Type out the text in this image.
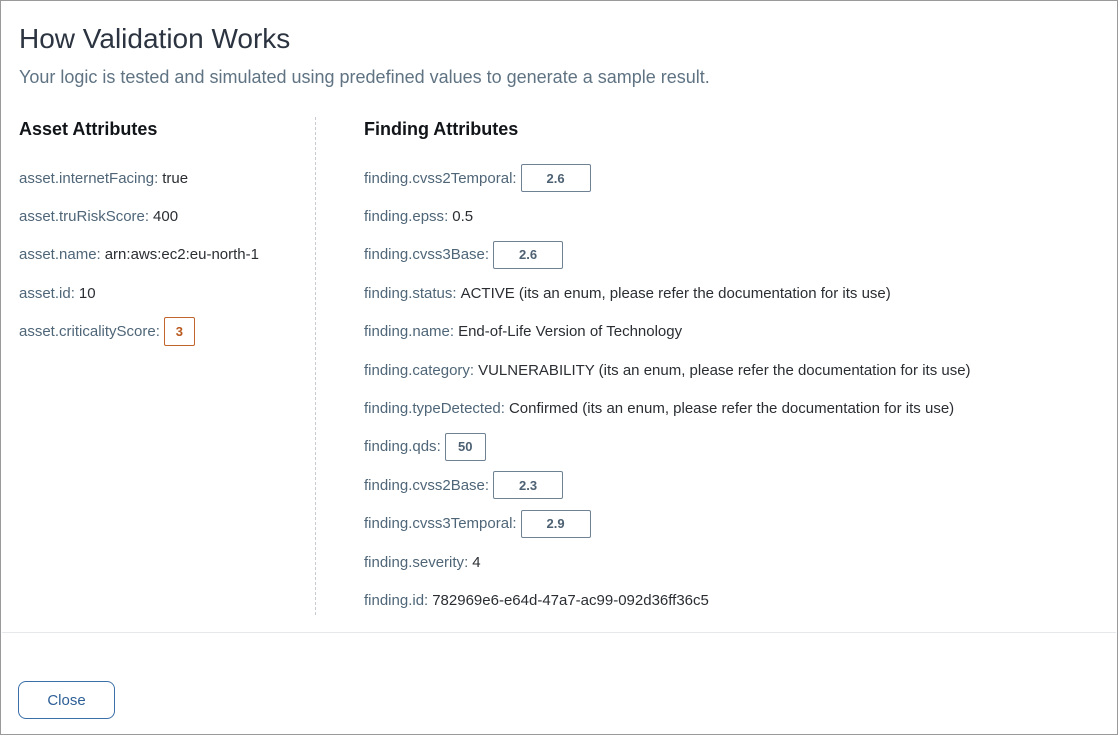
How Validation Works
Your logic is tested and simulated using predefined values to generate a sample result.
Asset Attributes
asset.internetFacing : true
asset.truRiskScore : 400
asset.name : arn:aws:ec2:eu-north-1
asset.id : 10
asset.criticalityScore :	3
Finding Attributes
finding.cvss2Temporal :	2.6
finding.epss : 0.5
finding.cvss3Base :	2.6
finding.status : ACTIVE (its an enum, please refer the documentation for its use)
finding.name : End-of-Life Version of Technology
finding.category : VULNERABILITY (its an enum, please refer the documentation for its use)
finding.typeDetected : Confirmed (its an enum, please refer the documentation for its use)
finding.qds :	50
finding.cvss2Base :	2.3
finding.cvss3Temporal :	2.9
finding.severity : 4
finding.id : 782969e6-e64d-47a7-ac99-092d36ff36c5
Close
